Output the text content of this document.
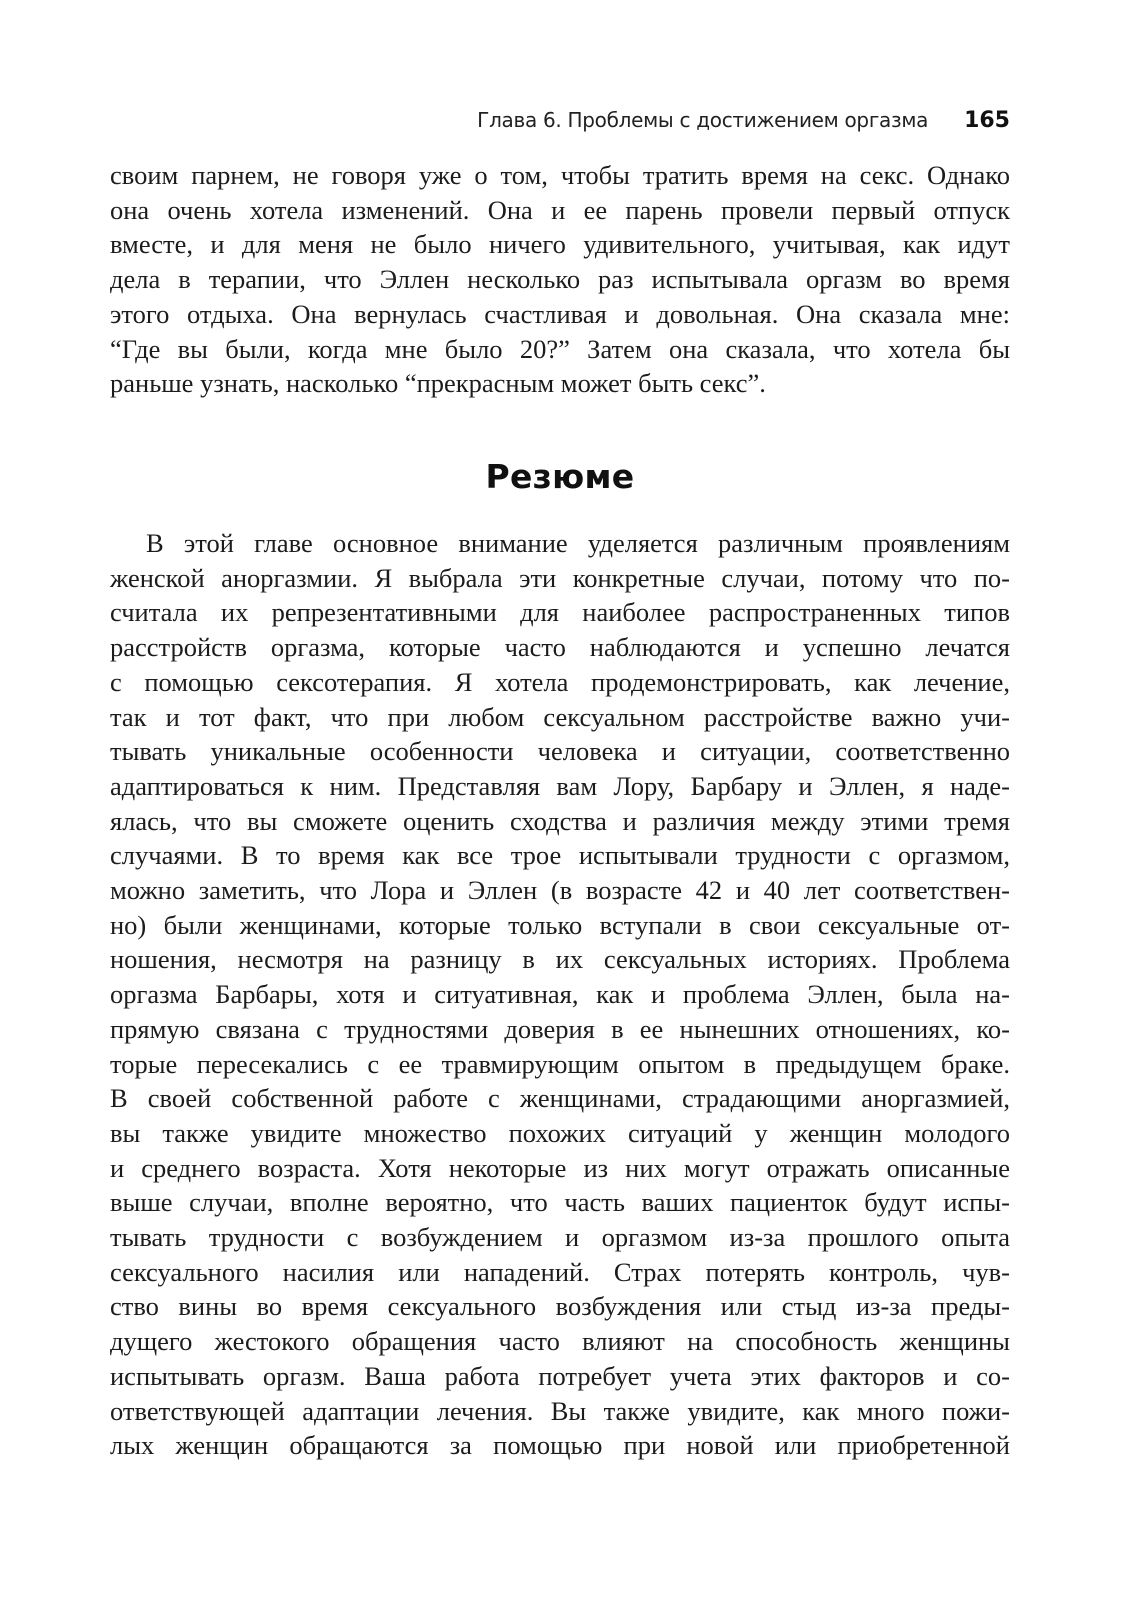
Глава 6. Проблемы с достижением оргазма 165

своим парнем, не говоря уже о том, чтобы тратить время на секс. Однако

она очень хотела изменений. Она и ее парень провели первый отпуск

вместе, и для меня не было ничего удивительного, учитывая, как идут

дела в терапии, что Эллен несколько раз испытывала оргазм во время

этого отдыха. Она вернулась счастливая и довольная. Она сказала мне:

“Где вы были, когда мне было 20?” Затем она сказала, что хотела бы

раньше узнать, насколько “прекрасным может быть секс”.

Резюме

В этой главе основное внимание уделяется различным проявлениям

женской аноргазмии. Я выбрала эти конкретные случаи, потому что по-

считала их репрезентативными для наиболее распространенных типов

расстройств оргазма, которые часто наблюдаются и успешно лечатся

с помощью сексотерапия. Я хотела продемонстрировать, как лечение,

так и тот факт, что при любом сексуальном расстройстве важно учи-

тывать уникальные особенности человека и ситуации, соответственно

адаптироваться к ним. Представляя вам Лору, Барбару и Эллен, я наде-

ялась, что вы сможете оценить сходства и различия между этими тремя

случаями. В то время как все трое испытывали трудности с оргазмом,

можно заметить, что Лора и Эллен (в возрасте 42 и 40 лет соответствен-

но) были женщинами, которые только вступали в свои сексуальные от-

ношения, несмотря на разницу в их сексуальных историях. Проблема

оргазма Барбары, хотя и ситуативная, как и проблема Эллен, была на-

прямую связана с трудностями доверия в ее нынешних отношениях, ко-

торые пересекались с ее травмирующим опытом в предыдущем браке.

В своей собственной работе с женщинами, страдающими аноргазмией,

вы также увидите множество похожих ситуаций у женщин молодого

и среднего возраста. Хотя некоторые из них могут отражать описанные

выше случаи, вполне вероятно, что часть ваших пациенток будут испы-

тывать трудности с возбуждением и оргазмом из-за прошлого опыта

сексуального насилия или нападений. Страх потерять контроль, чув-

ство вины во время сексуального возбуждения или стыд из-за преды-

дущего жестокого обращения часто влияют на способность женщины

испытывать оргазм. Ваша работа потребует учета этих факторов и со-

ответствующей адаптации лечения. Вы также увидите, как много пожи-

лых женщин обращаются за помощью при новой или приобретенной
